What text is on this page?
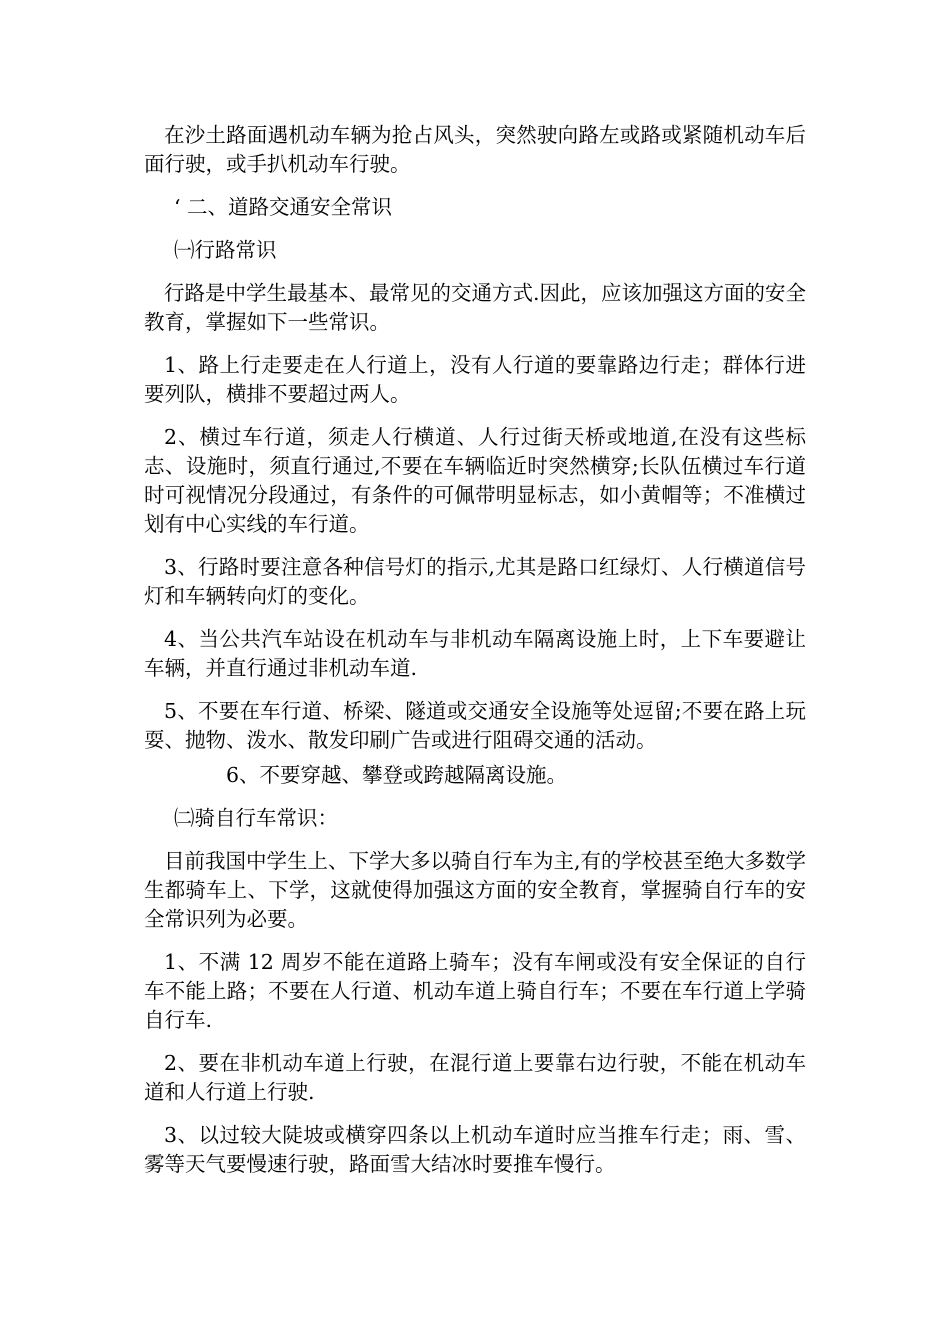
在沙土路面遇机动车辆为抢占风头，突然驶向路左或路或紧随机动车后面行驶，或手扒机动车行驶。

‘ 二、道路交通安全常识

㈠行路常识

行路是中学生最基本、最常见的交通方式.因此，应该加强这方面的安全教育，掌握如下一些常识。

1、路上行走要走在人行道上，没有人行道的要靠路边行走；群体行进要列队，横排不要超过两人。

2、横过车行道，须走人行横道、人行过街天桥或地道,在没有这些标志、设施时，须直行通过,不要在车辆临近时突然横穿;长队伍横过车行道时可视情况分段通过，有条件的可佩带明显标志，如小黄帽等；不准横过划有中心实线的车行道。

3、行路时要注意各种信号灯的指示,尤其是路口红绿灯、人行横道信号灯和车辆转向灯的变化。

4、当公共汽车站设在机动车与非机动车隔离设施上时，上下车要避让车辆，并直行通过非机动车道.

5、不要在车行道、桥梁、隧道或交通安全设施等处逗留;不要在路上玩耍、抛物、泼水、散发印刷广告或进行阻碍交通的活动。

6、不要穿越、攀登或跨越隔离设施。

㈡骑自行车常识：

目前我国中学生上、下学大多以骑自行车为主,有的学校甚至绝大多数学生都骑车上、下学，这就使得加强这方面的安全教育，掌握骑自行车的安全常识列为必要。

1、不满 12 周岁不能在道路上骑车；没有车闸或没有安全保证的自行车不能上路；不要在人行道、机动车道上骑自行车；不要在车行道上学骑自行车.

2、要在非机动车道上行驶，在混行道上要靠右边行驶，不能在机动车道和人行道上行驶.

3、以过较大陡坡或横穿四条以上机动车道时应当推车行走；雨、雪、雾等天气要慢速行驶，路面雪大结冰时要推车慢行。
